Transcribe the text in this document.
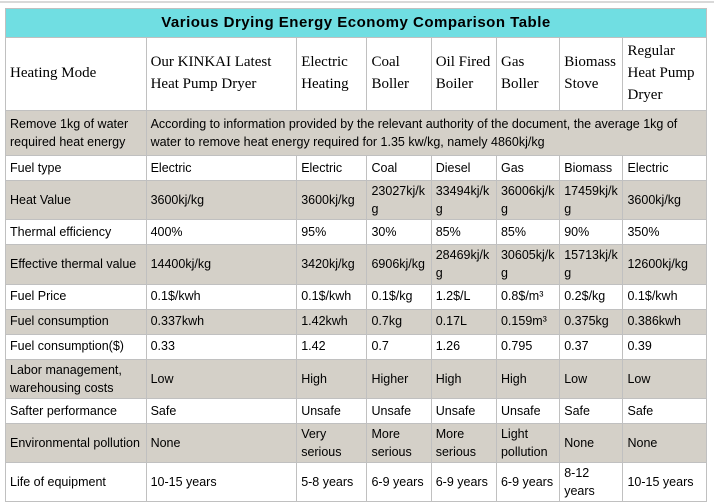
Various Drying Energy Economy Comparison Table							
Heating Mode	Our KINKAI Latest Heat Pump Dryer	Electric Heating	Coal Boller	Oil Fired Boiler	Gas Boller	Biomass Stove	Regular Heat Pump Dryer
Remove 1kg of water required heat energy	According to information provided by the relevant authority of the document, the average 1kg of water to remove heat energy required for 1.35 kw/kg, namely 4860kj/kg						
Fuel type	Electric	Electric	Coal	Diesel	Gas	Biomass	Electric
Heat Value	3600kj/kg	3600kj/kg	23027kj/kg	33494kj/kg	36006kj/kg	17459kj/kg	3600kj/kg
Thermal efficiency	400%	95%	30%	85%	85%	90%	350%
Effective thermal value	14400kj/kg	3420kj/kg	6906kj/kg	28469kj/kg	30605kj/kg	15713kj/kg	12600kj/kg
Fuel Price	0.1$/kwh	0.1$/kwh	0.1$/kg	1.2$/L	0.8$/m³	0.2$/kg	0.1$/kwh
Fuel consumption	0.337kwh	1.42kwh	0.7kg	0.17L	0.159m³	0.375kg	0.386kwh
Fuel consumption($)	0.33	1.42	0.7	1.26	0.795	0.37	0.39
Labor management, warehousing costs	Low	High	Higher	High	High	Low	Low
Safter performance	Safe	Unsafe	Unsafe	Unsafe	Unsafe	Safe	Safe
Environmental pollution	None	Very serious	More serious	More serious	Light pollution	None	None
Life of equipment	10-15 years	5-8 years	6-9 years	6-9 years	6-9 years	8-12 years	10-15 years
